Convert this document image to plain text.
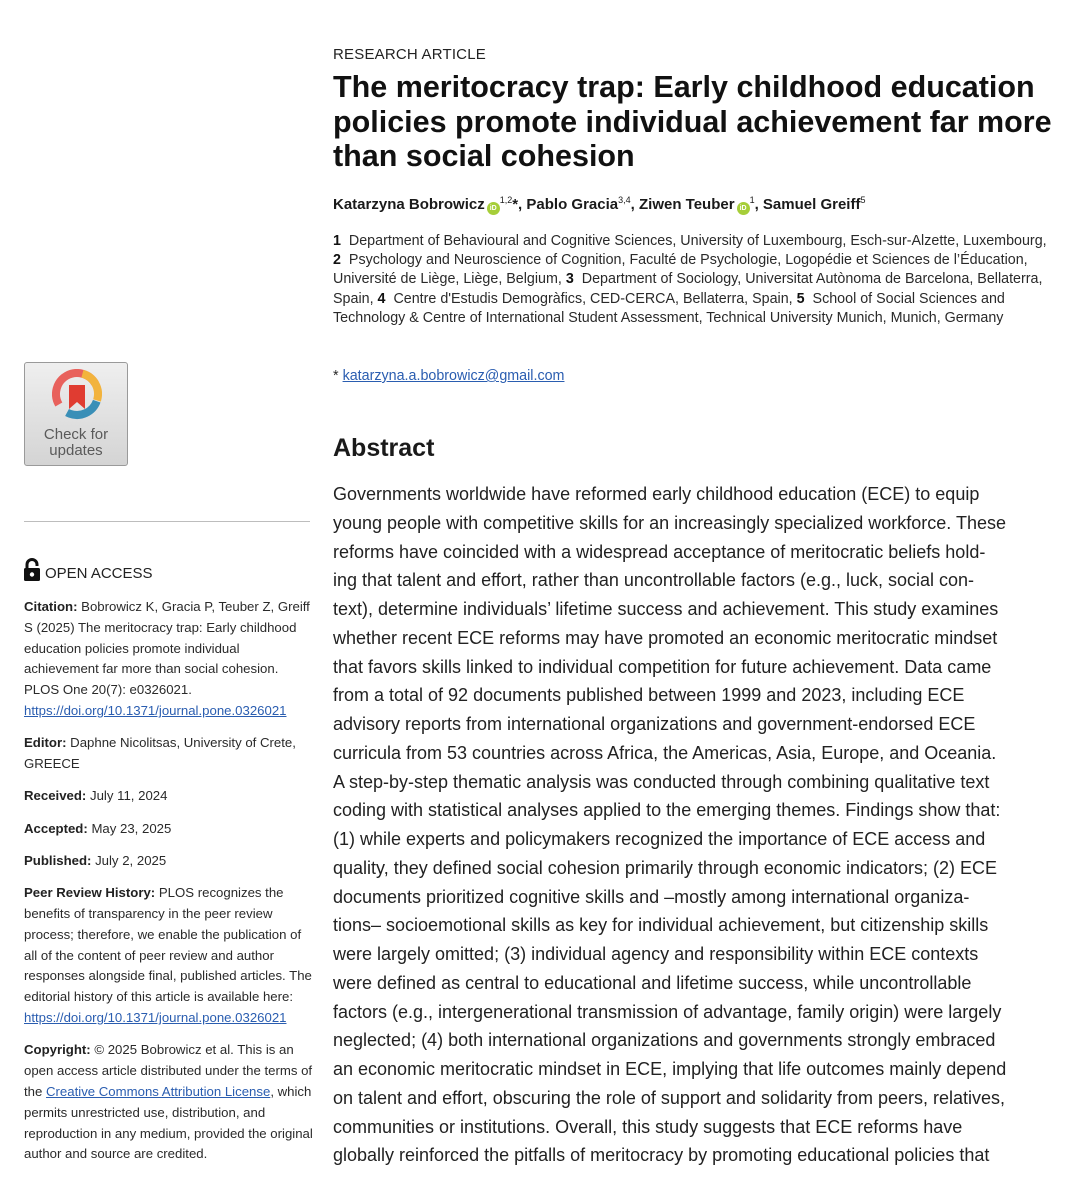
Check for
updates
OPEN ACCESS

Citation: Bobrowicz K, Gracia P, Teuber Z, Greiff S (2025) The meritocracy trap: Early childhood education policies promote individual achievement far more than social cohesion. PLOS One 20(7): e0326021. https://doi.org/10.1371/journal.pone.0326021

Editor: Daphne Nicolitsas, University of Crete, GREECE

Received: July 11, 2024

Accepted: May 23, 2025

Published: July 2, 2025

Peer Review History: PLOS recognizes the benefits of transparency in the peer review process; therefore, we enable the publication of all of the content of peer review and author responses alongside final, published articles. The editorial history of this article is available here: https://doi.org/10.1371/journal.pone.0326021

Copyright: © 2025 Bobrowicz et al. This is an open access article distributed under the terms of the Creative Commons Attribution License, which permits unrestricted use, distribution, and reproduction in any medium, provided the original author and source are credited.

RESEARCH ARTICLE
The meritocracy trap: Early childhood education policies promote individual achievement far more than social cohesion
Katarzyna Bobrowicz iD$^{1,2}$*, Pablo Gracia$^{3,4}$, Ziwen Teuber $iD^1$, Samuel Greiff$^5$

1 Department of Behavioural and Cognitive Sciences, University of Luxembourg, Esch-sur-Alzette, Luxembourg, 2 Psychology and Neuroscience of Cognition, Faculté de Psychologie, Logopédie et Sciences de l’Éducation, Université de Liège, Liège, Belgium, 3 Department of Sociology, Universitat Autònoma de Barcelona, Bellaterra, Spain, 4 Centre d'Estudis Demogràfics, CED-CERCA, Bellaterra, Spain, 5 School of Social Sciences and Technology & Centre of International Student Assessment, Technical University Munich, Munich, Germany

* katarzyna.a.bobrowicz@gmail.com
Abstract

Governments worldwide have reformed early childhood education (ECE) to equip
young people with competitive skills for an increasingly specialized workforce. These
reforms have coincided with a widespread acceptance of meritocratic beliefs hold-
ing that talent and effort, rather than uncontrollable factors (e.g., luck, social con-
text), determine individuals’ lifetime success and achievement. This study examines
whether recent ECE reforms may have promoted an economic meritocratic mindset
that favors skills linked to individual competition for future achievement. Data came
from a total of 92 documents published between 1999 and 2023, including ECE
advisory reports from international organizations and government-endorsed ECE
curricula from 53 countries across Africa, the Americas, Asia, Europe, and Oceania.
A step-by-step thematic analysis was conducted through combining qualitative text
coding with statistical analyses applied to the emerging themes. Findings show that:
(1) while experts and policymakers recognized the importance of ECE access and
quality, they defined social cohesion primarily through economic indicators; (2) ECE
documents prioritized cognitive skills and –mostly among international organiza-
tions– socioemotional skills as key for individual achievement, but citizenship skills
were largely omitted; (3) individual agency and responsibility within ECE contexts
were defined as central to educational and lifetime success, while uncontrollable
factors (e.g., intergenerational transmission of advantage, family origin) were largely
neglected; (4) both international organizations and governments strongly embraced
an economic meritocratic mindset in ECE, implying that life outcomes mainly depend
on talent and effort, obscuring the role of support and solidarity from peers, relatives,
communities or institutions. Overall, this study suggests that ECE reforms have
globally reinforced the pitfalls of meritocracy by promoting educational policies that
